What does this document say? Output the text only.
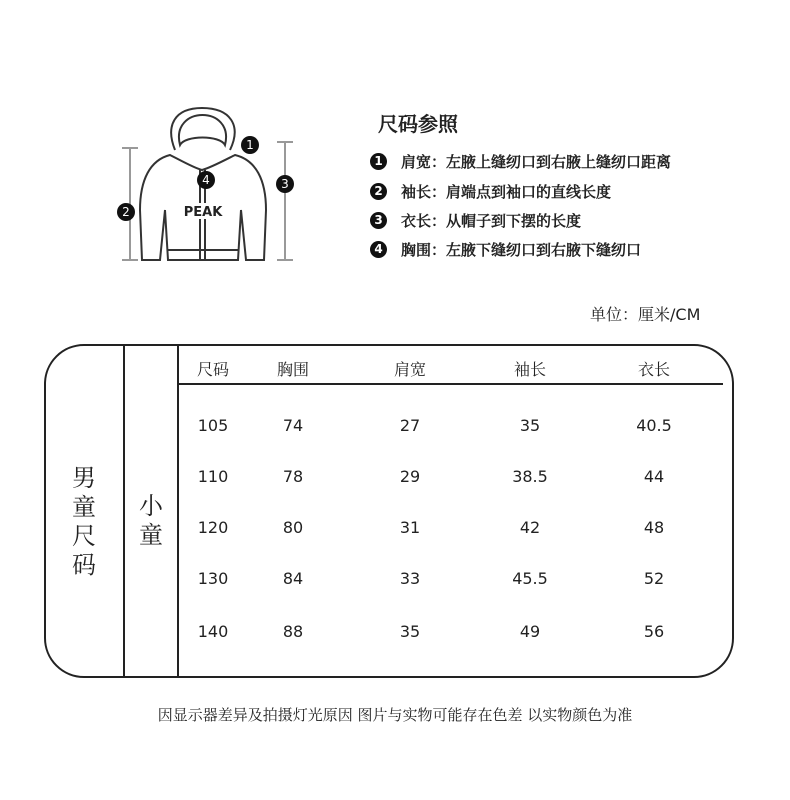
PEAK
1
2
3
4
尺码参照
1 肩宽：左腋上缝纫口到右腋上缝纫口距离
2 袖长：肩端点到袖口的直线长度
3 衣长：从帽子到下摆的长度
4 胸围：左腋下缝纫口到右腋下缝纫口
单位：厘米/CM
男童尺码
小童
尺码	胸围	肩宽	袖长	衣长
105	74	27	35	40.5
110	78	29	38.5	44
120	80	31	42	48
130	84	33	45.5	52
140	88	35	49	56
因显示器差异及拍摄灯光原因 图片与实物可能存在色差 以实物颜色为准
